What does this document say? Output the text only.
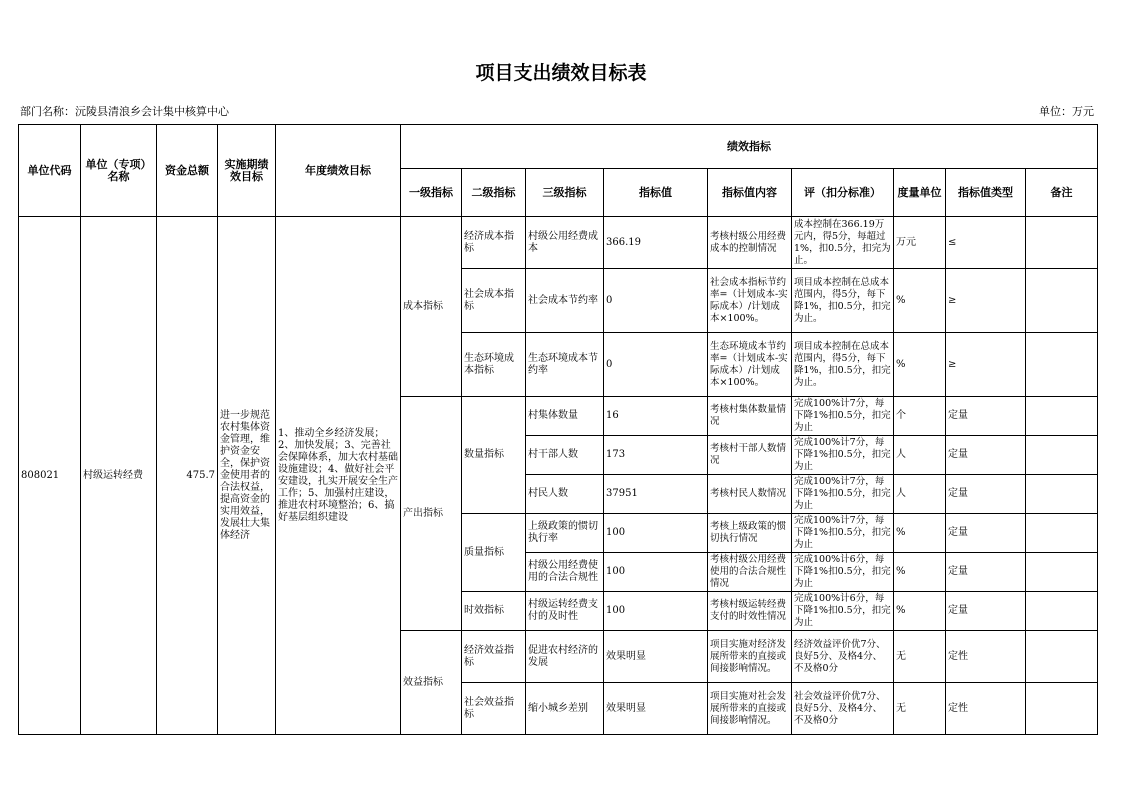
项目支出绩效目标表
部门名称：沅陵县清浪乡会计集中核算中心	单位：万元
单位代码	单位（专项）名称	资金总额	实施期绩效目标	年度绩效目标	绩效指标								
					一级指标	二级指标	三级指标	指标值	指标值内容	评（扣分标准）	度量单位	指标值类型	备注
808021	村级运转经费	475.7	进一步规范农村集体资金管理，维护资金安全，保护资金使用者的合法权益，提高资金的实用效益，发展壮大集体经济	1、推动全乡经济发展；2、加快发展；3、完善社会保障体系，加大农村基础设施建设；4、做好社会平安建设，扎实开展安全生产工作；5、加强村庄建设，推进农村环境整治；6、搞好基层组织建设	成本指标	经济成本指标	村级公用经费成本	366.19	考核村级公用经费成本的控制情况	成本控制在366.19万元内，得5分，每超过1%，扣0.5分，扣完为止。	万元	≤	
						社会成本指标	社会成本节约率	0	社会成本指标节约率=（计划成本-实际成本）/计划成本×100%。	项目成本控制在总成本范围内，得5分，每下降1%，扣0.5分，扣完为止。	%	≥	
						生态环境成本指标	生态环境成本节约率	0	生态环境成本节约率=（计划成本-实际成本）/计划成本×100%。	项目成本控制在总成本范围内，得5分，每下降1%，扣0.5分，扣完为止。	%	≥	
					产出指标	数量指标	村集体数量	16	考核村集体数量情况	完成100%计7分，每下降1%扣0.5分，扣完为止	个	定量	
							村干部人数	173	考核村干部人数情况	完成100%计7分，每下降1%扣0.5分，扣完为止	人	定量	
							村民人数	37951	考核村民人数情况	完成100%计7分，每下降1%扣0.5分，扣完为止	人	定量	
						质量指标	上级政策的惯切执行率	100	考核上级政策的惯切执行情况	完成100%计7分，每下降1%扣0.5分，扣完为止	%	定量	
							村级公用经费使用的合法合规性	100	考核村级公用经费使用的合法合规性情况	完成100%计6分，每下降1%扣0.5分，扣完为止	%	定量	
						时效指标	村级运转经费支付的及时性	100	考核村级运转经费支付的时效性情况	完成100%计6分，每下降1%扣0.5分，扣完为止	%	定量	
					效益指标	经济效益指标	促进农村经济的发展	效果明显	项目实施对经济发展所带来的直接或间接影响情况。	经济效益评价优7分、良好5分、及格4分、不及格0分	无	定性	
						社会效益指标	缩小城乡差别	效果明显	项目实施对社会发展所带来的直接或间接影响情况。	社会效益评价优7分、良好5分、及格4分、不及格0分	无	定性	
